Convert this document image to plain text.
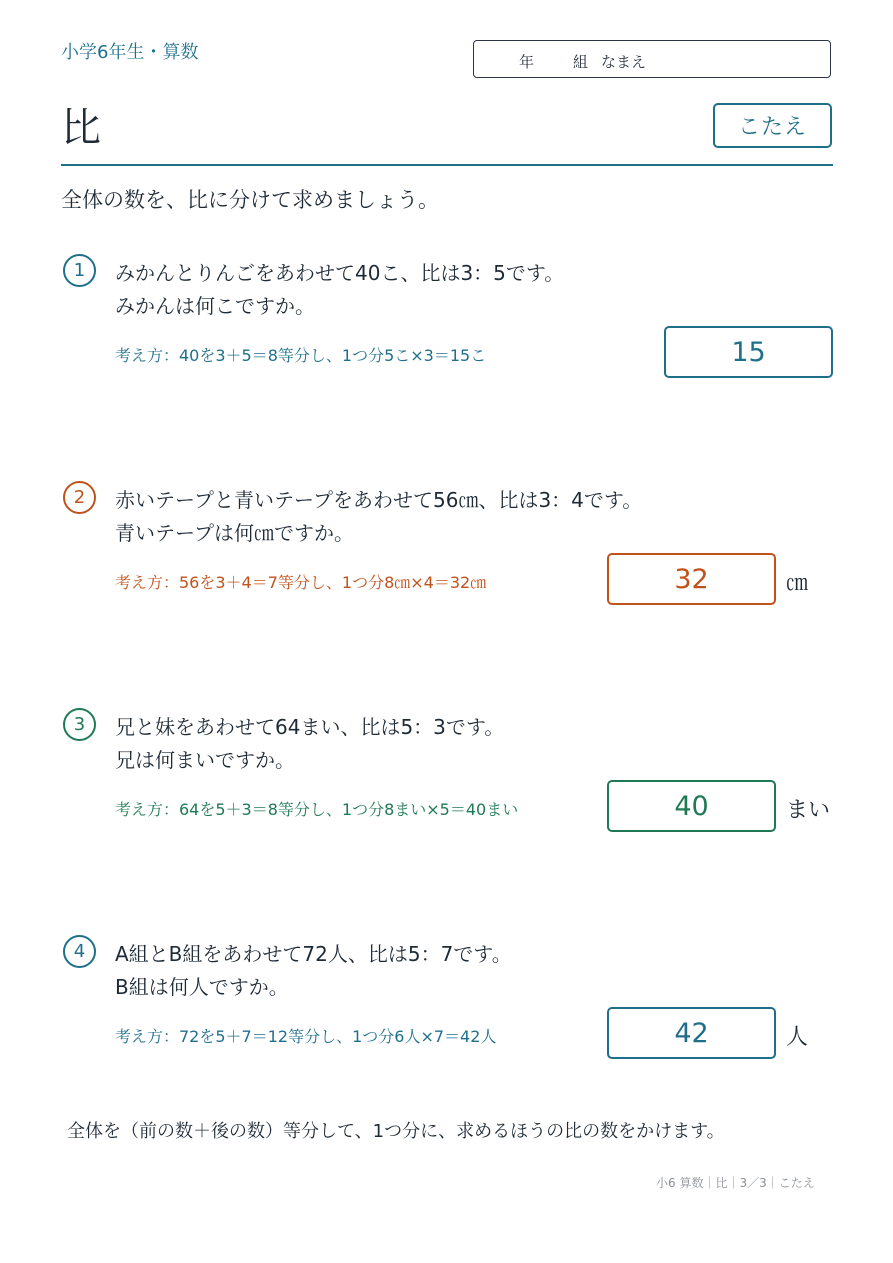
小学6年生・算数	年	組 なまえ
比	こたえ
全体の数を、比に分けて求めましょう。
1	みかんとりんごをあわせて40こ、比は3：5です。
みかんは何こですか。
考え方：40を3＋5＝8等分し、1つ分5こ×3＝15こ	15
2	赤いテープと青いテープをあわせて56㎝、比は3：4です。
青いテープは何㎝ですか。
考え方：56を3＋4＝7等分し、1つ分8㎝×4＝32㎝	32	㎝
3	兄と妹をあわせて64まい、比は5：3です。
兄は何まいですか。
考え方：64を5＋3＝8等分し、1つ分8まい×5＝40まい	40	まい
4	A組とB組をあわせて72人、比は5：7です。
B組は何人ですか。
考え方：72を5＋7＝12等分し、1つ分6人×7＝42人	42	人
全体を（前の数＋後の数）等分して、1つ分に、求めるほうの比の数をかけます。
小6 算数｜比｜3／3｜こたえ
